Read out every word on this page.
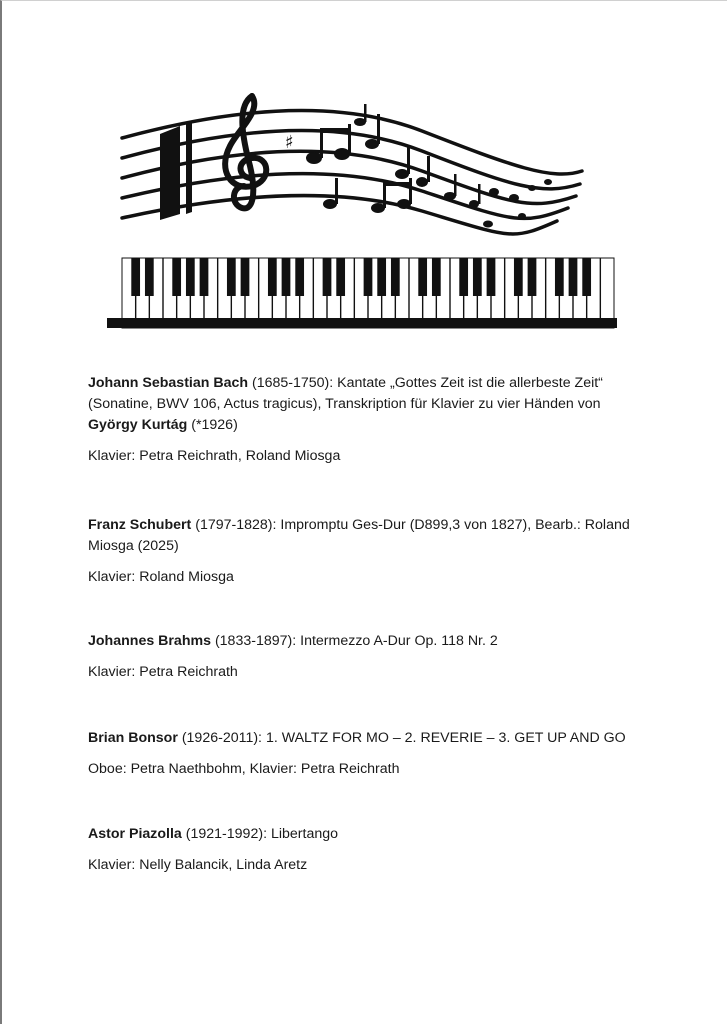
♯

Johann Sebastian Bach (1685-1750): Kantate „Gottes Zeit ist die allerbeste Zeit“ (Sonatine, BWV 106, Actus tragicus), Transkription für Klavier zu vier Händen von György Kurtág (*1926)

Klavier: Petra Reichrath, Roland Miosga

Franz Schubert (1797-1828): Impromptu Ges-Dur (D899,3 von 1827), Bearb.: Roland Miosga (2025)

Klavier: Roland Miosga

Johannes Brahms (1833-1897): Intermezzo A-Dur Op. 118 Nr. 2

Klavier: Petra Reichrath

Brian Bonsor (1926-2011): 1. WALTZ FOR MO – 2. REVERIE – 3. GET UP AND GO

Oboe: Petra Naethbohm, Klavier: Petra Reichrath

Astor Piazolla (1921-1992): Libertango

Klavier: Nelly Balancik, Linda Aretz
